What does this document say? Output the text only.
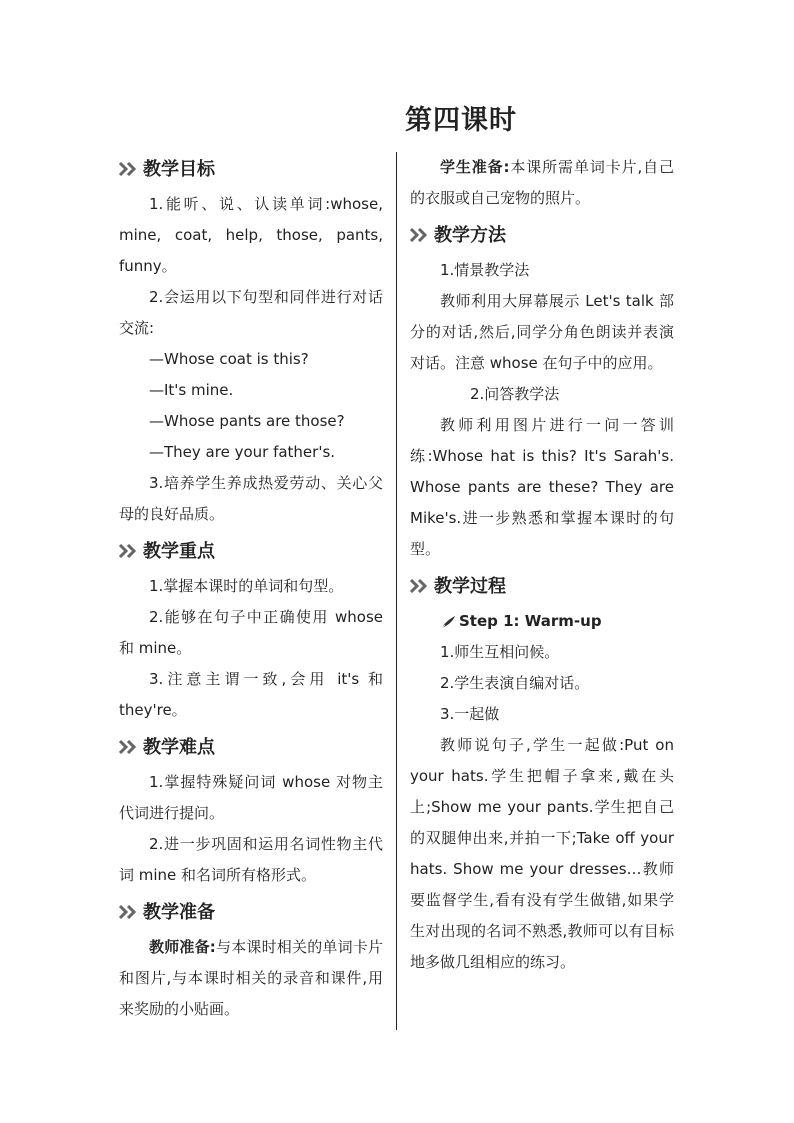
第四课时
教学目标

1.能听、说、认读单词:whose, mine, coat, help, those, pants, funny。

2.会运用以下句型和同伴进行对话交流:

—Whose coat is this?

—It's mine.

—Whose pants are those?

—They are your father's.

3.培养学生养成热爱劳动、关心父母的良好品质。

教学重点

1.掌握本课时的单词和句型。

2.能够在句子中正确使用 whose 和 mine。

3.注意主谓一致,会用 it's 和 they're。

教学难点

1.掌握特殊疑问词 whose 对物主代词进行提问。

2.进一步巩固和运用名词性物主代词 mine 和名词所有格形式。

教学准备

教师准备:与本课时相关的单词卡片和图片,与本课时相关的录音和课件,用来奖励的小贴画。

学生准备:本课所需单词卡片,自己的衣服或自己宠物的照片。

教学方法

1.情景教学法

教师利用大屏幕展示 Let's talk 部分的对话,然后,同学分角色朗读并表演对话。注意 whose 在句子中的应用。

2.问答教学法

教师利用图片进行一问一答训练:Whose hat is this? It's Sarah's. Whose pants are these? They are Mike's.进一步熟悉和掌握本课时的句型。

教学过程
Step 1: Warm-up

1.师生互相问候。

2.学生表演自编对话。

3.一起做

教师说句子,学生一起做:Put on your hats.学生把帽子拿来,戴在头上;Show me your pants.学生把自己的双腿伸出来,并拍一下;Take off your hats. Show me your dresses…教师要监督学生,看有没有学生做错,如果学生对出现的名词不熟悉,教师可以有目标地多做几组相应的练习。
